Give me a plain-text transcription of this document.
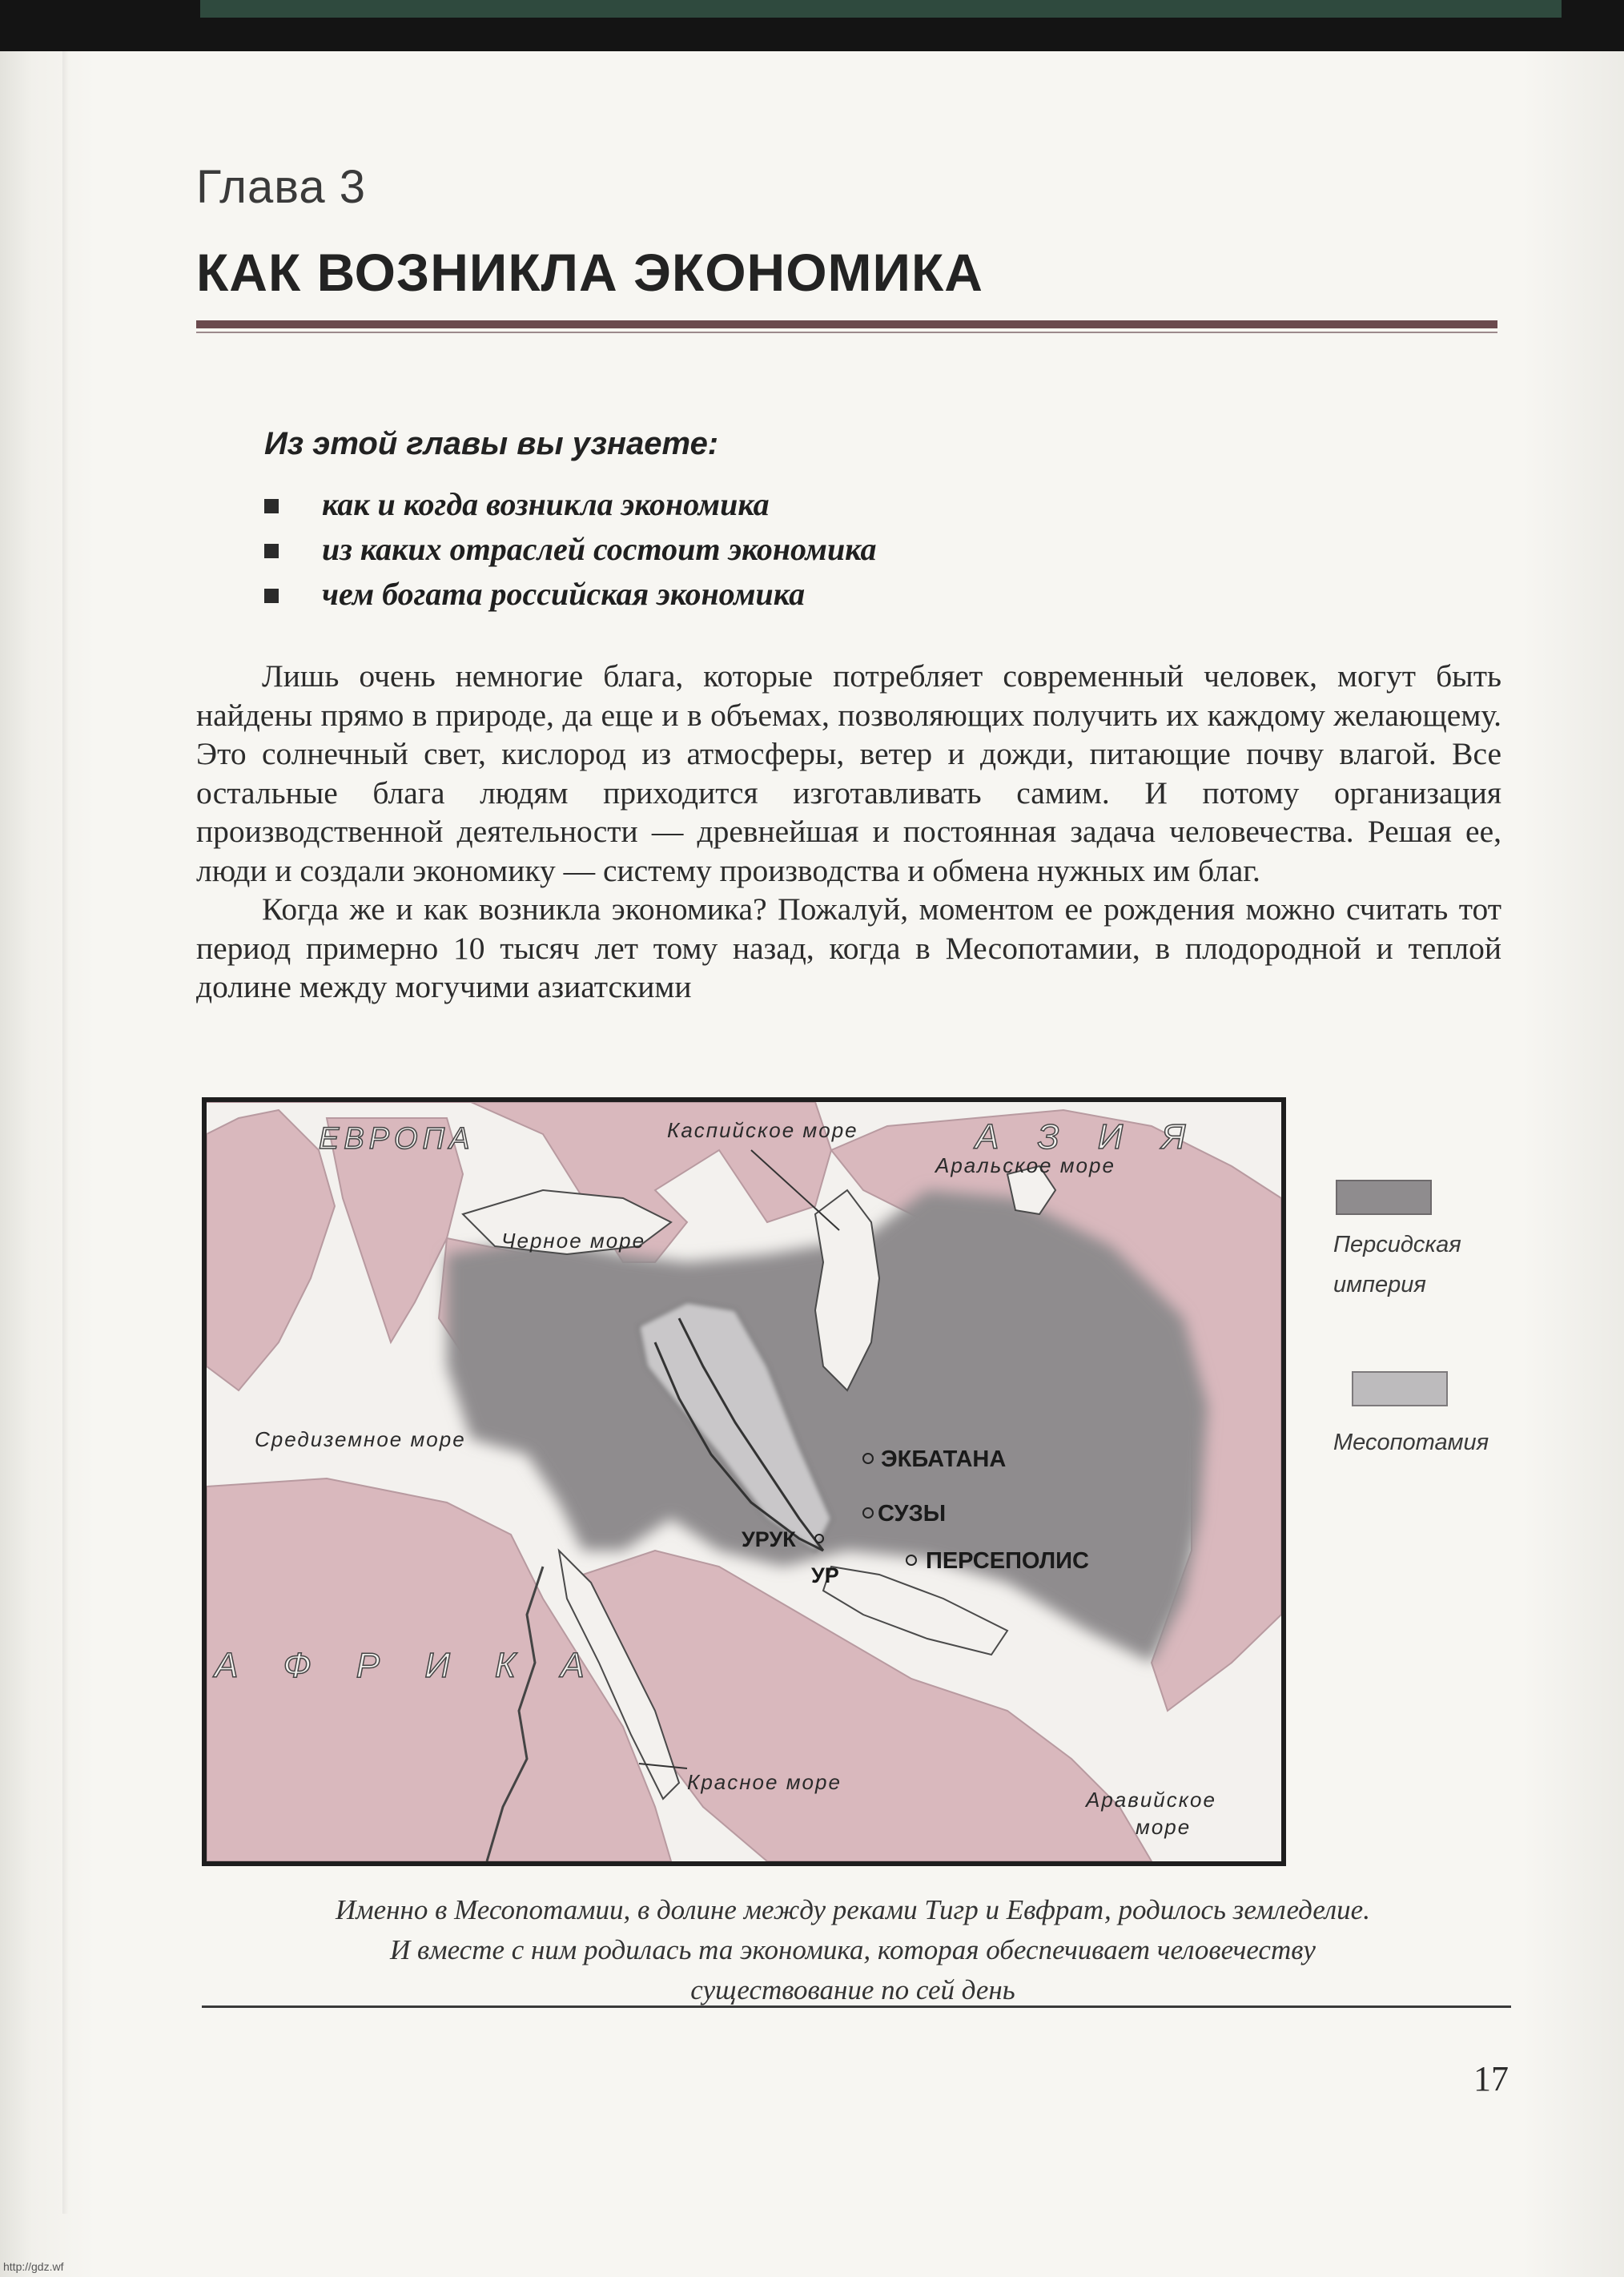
Глава 3
КАК ВОЗНИКЛА ЭКОНОМИКА
Из этой главы вы узнаете:
как и когда возникла экономика
из каких отраслей состоит экономика
чем богата российская экономика

Лишь очень немногие блага, которые потребляет современный человек, могут быть найдены прямо в природе, да еще и в объемах, позволяющих получить их каждому желающему. Это солнечный свет, кислород из атмосферы, ветер и дожди, питающие почву влагой. Все остальные блага людям приходится изготавливать самим. И потому организация производственной деятельности — древнейшая и постоянная задача человечества. Решая ее, люди и создали экономику — систему производства и обмена нужных им благ.

Когда же и как возникла экономика? Пожалуй, моментом ее рождения можно считать тот период примерно 10 тысяч лет тому назад, когда в Месопотамии, в плодородной и теплой долине между могучими азиатскими

ЕВРОПА	А З И Я
А Ф Р И К А
Каспийское море
Аральское море
Черное море
Средиземное море
Красное море
Аравийское
море
ЭКБАТАНА
СУЗЫ
ПЕРСЕПОЛИС
УРУК
УР
Персидская
империя
Месопотамия
Именно в Месопотамии, в долине между реками Тигр и Евфрат, родилось земледелие.
И вместе с ним родилась та экономика, которая обеспечивает человечеству
существование по сей день
17
http://gdz.wf
